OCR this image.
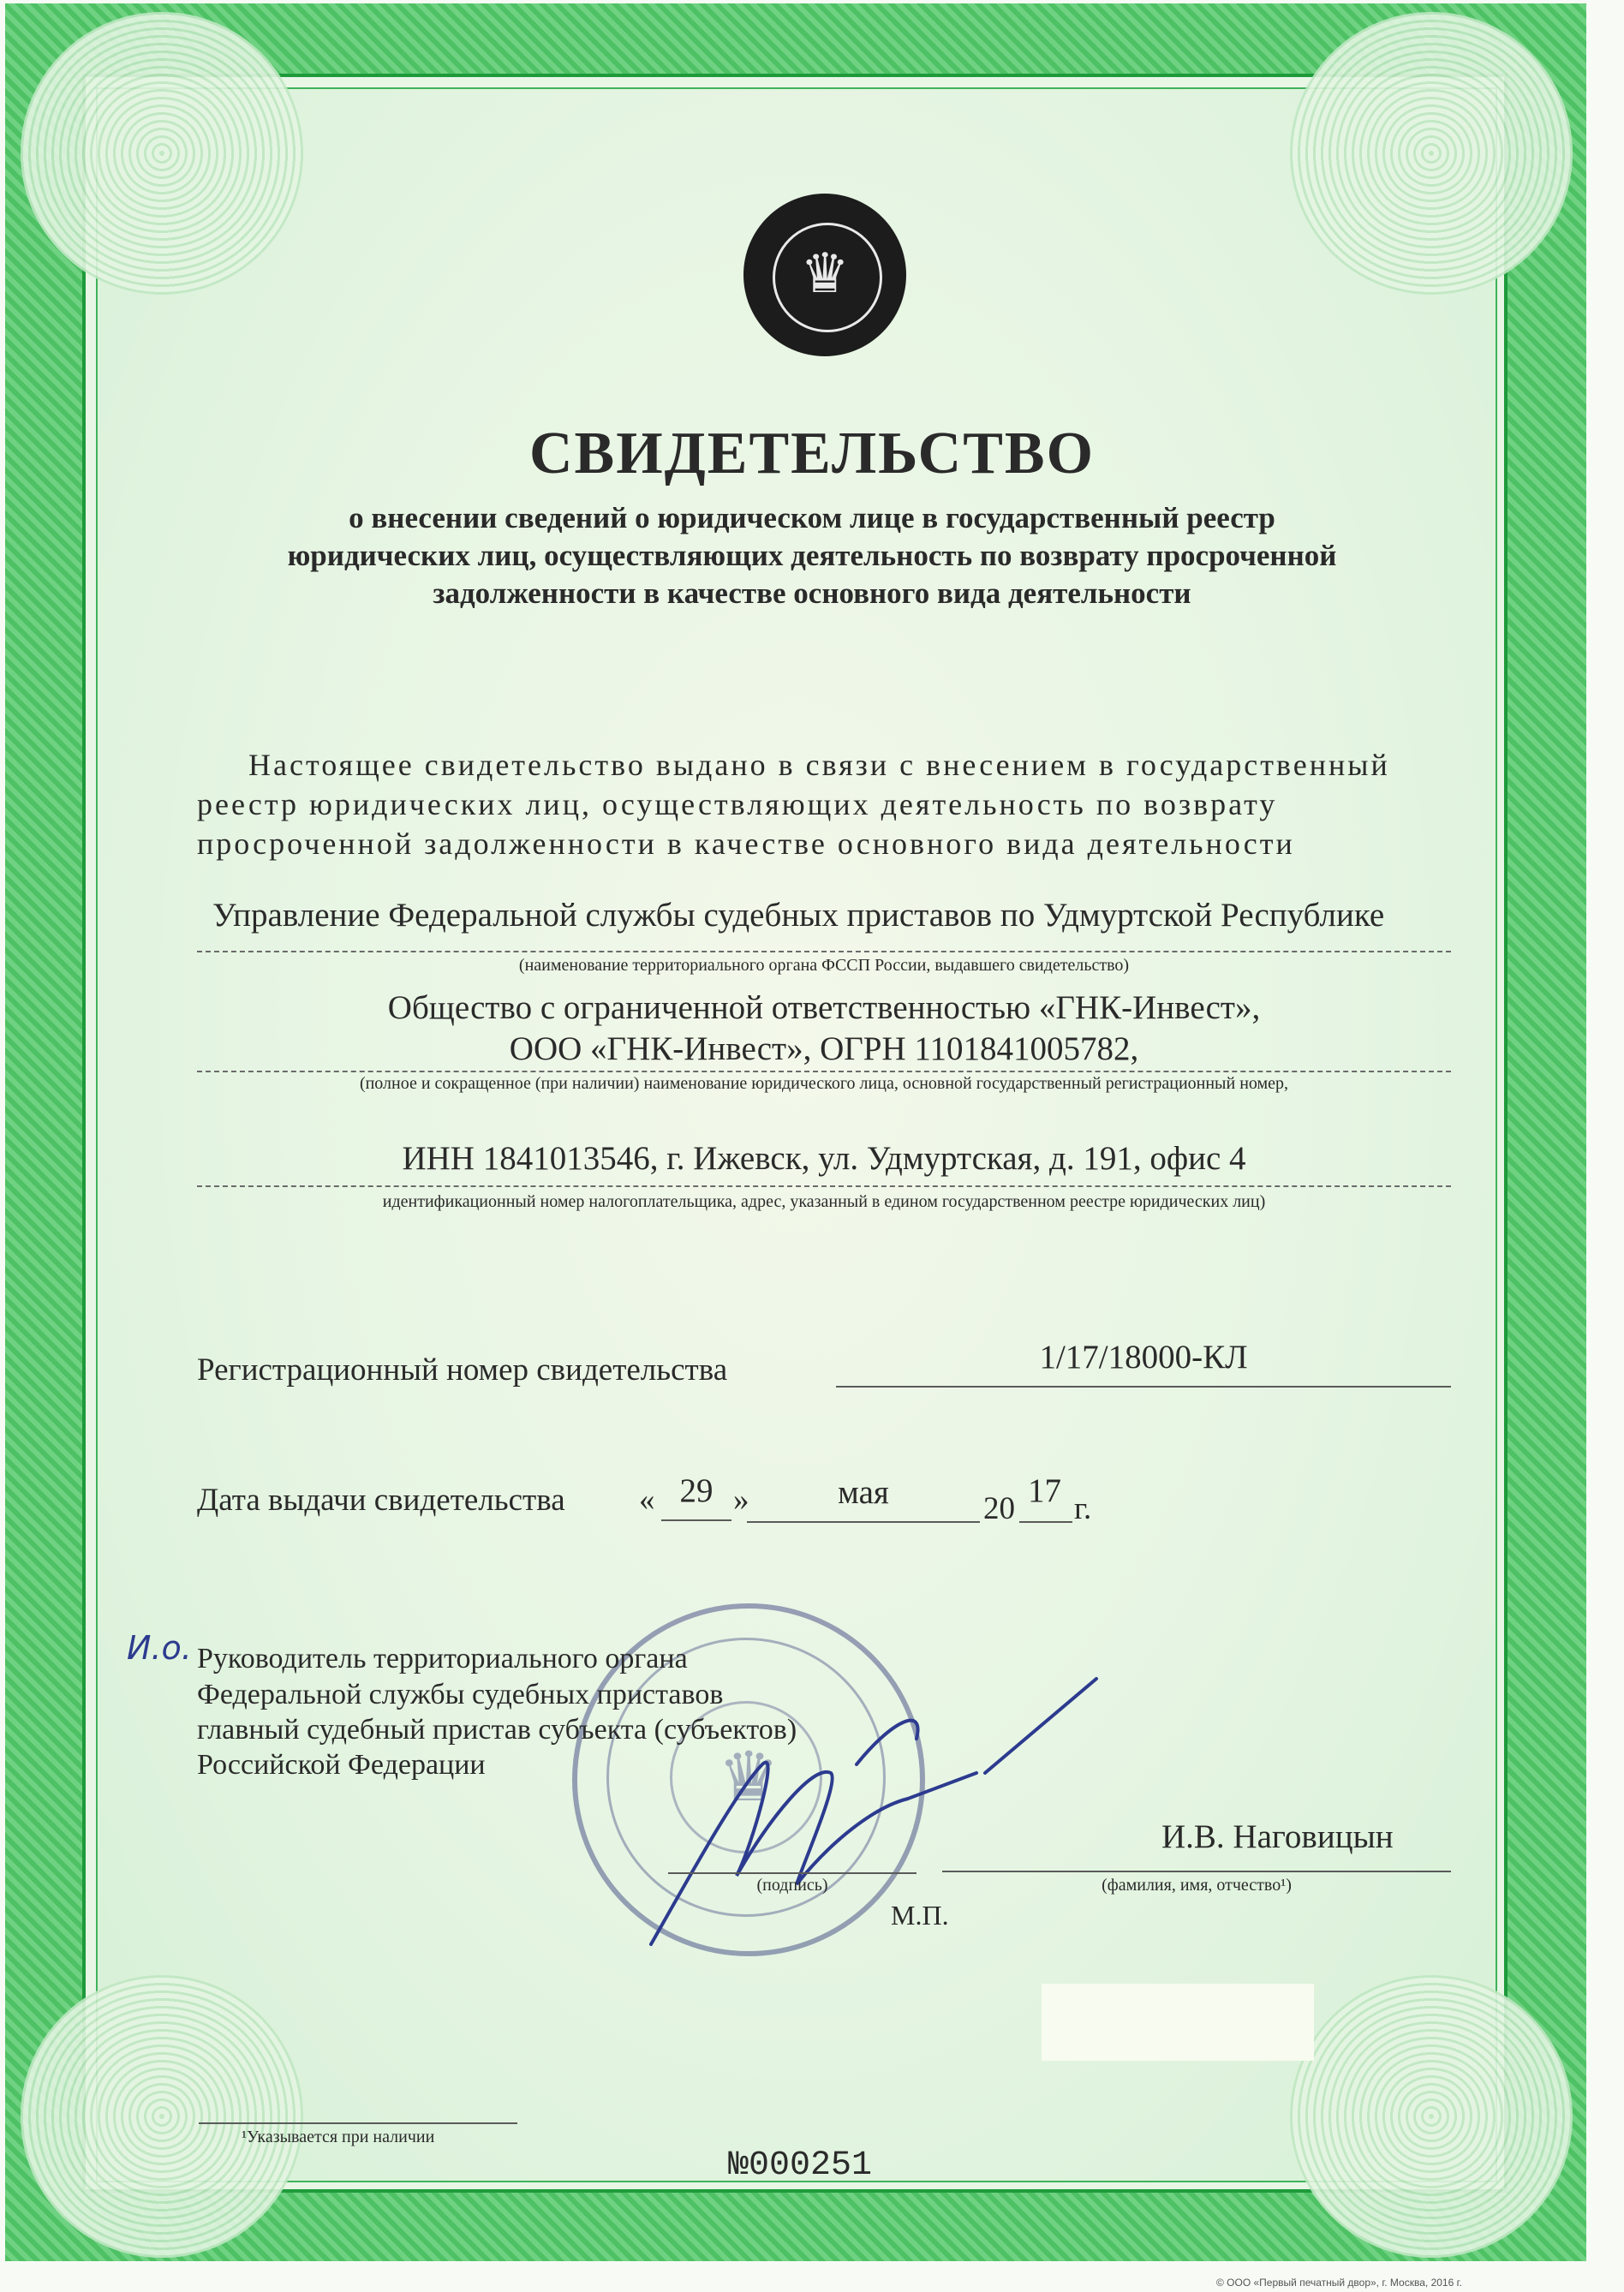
♛
СВИДЕТЕЛЬСТВО
о внесении сведений о юридическом лице в государственный реестр
юридических лиц, осуществляющих деятельность по возврату просроченной
задолженности в качестве основного вида деятельности
Настоящее свидетельство выдано в связи с внесением в государственный
реестр юридических лиц, осуществляющих деятельность по возврату
просроченной задолженности в качестве основного вида деятельности
Управление Федеральной службы судебных приставов по Удмуртской Республике
(наименование территориального органа ФССП России, выдавшего свидетельство)
Общество с ограниченной ответственностью «ГНК-Инвест»,
ООО «ГНК-Инвест», ОГРН 1101841005782,
(полное и сокращенное (при наличии) наименование юридического лица, основной государственный регистрационный номер,
ИНН 1841013546, г. Ижевск, ул. Удмуртская, д. 191, офис 4
идентификационный номер налогоплательщика, адрес, указанный в едином государственном реестре юридических лиц)
Регистрационный номер свидетельства	1/17/18000-КЛ
Дата выдачи свидетельства « 29 »	мая	20 17 г.
♛
И.о. Руководитель территориального органа
Федеральной службы судебных приставов
главный судебный пристав субъекта (субъектов)
Российской Федерации
(подпись)
М.П.
И.В. Наговицын
(фамилия, имя, отчество¹)
¹Указывается при наличии
№000251
© ООО «Первый печатный двор», г. Москва, 2016 г.
